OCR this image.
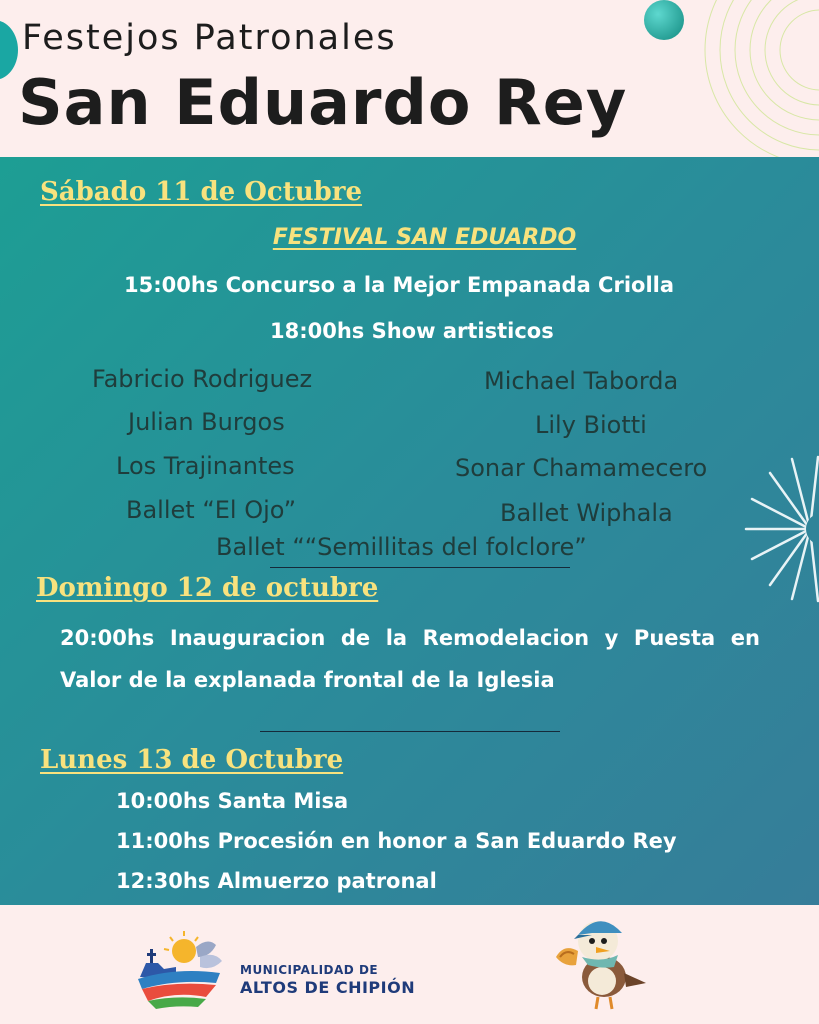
Festejos Patronales
San Eduardo Rey
Sábado 11 de Octubre
FESTIVAL SAN EDUARDO
15:00hs Concurso a la Mejor Empanada Criolla
18:00hs Show artisticos
Fabricio Rodriguez
Julian Burgos
Los Trajinantes
Ballet “El Ojo”
Michael Taborda
Lily Biotti
Sonar Chamamecero
Ballet Wiphala
Ballet ““Semillitas del folclore”
Domingo 12 de octubre
20:00hs Inauguracion de la Remodelacion y Puesta en Valor de la explanada frontal de la Iglesia
Lunes 13 de Octubre
10:00hs Santa Misa
11:00hs Procesión en honor a San Eduardo Rey
12:30hs Almuerzo patronal
MUNICIPALIDAD DE
ALTOS DE CHIPIÓN
